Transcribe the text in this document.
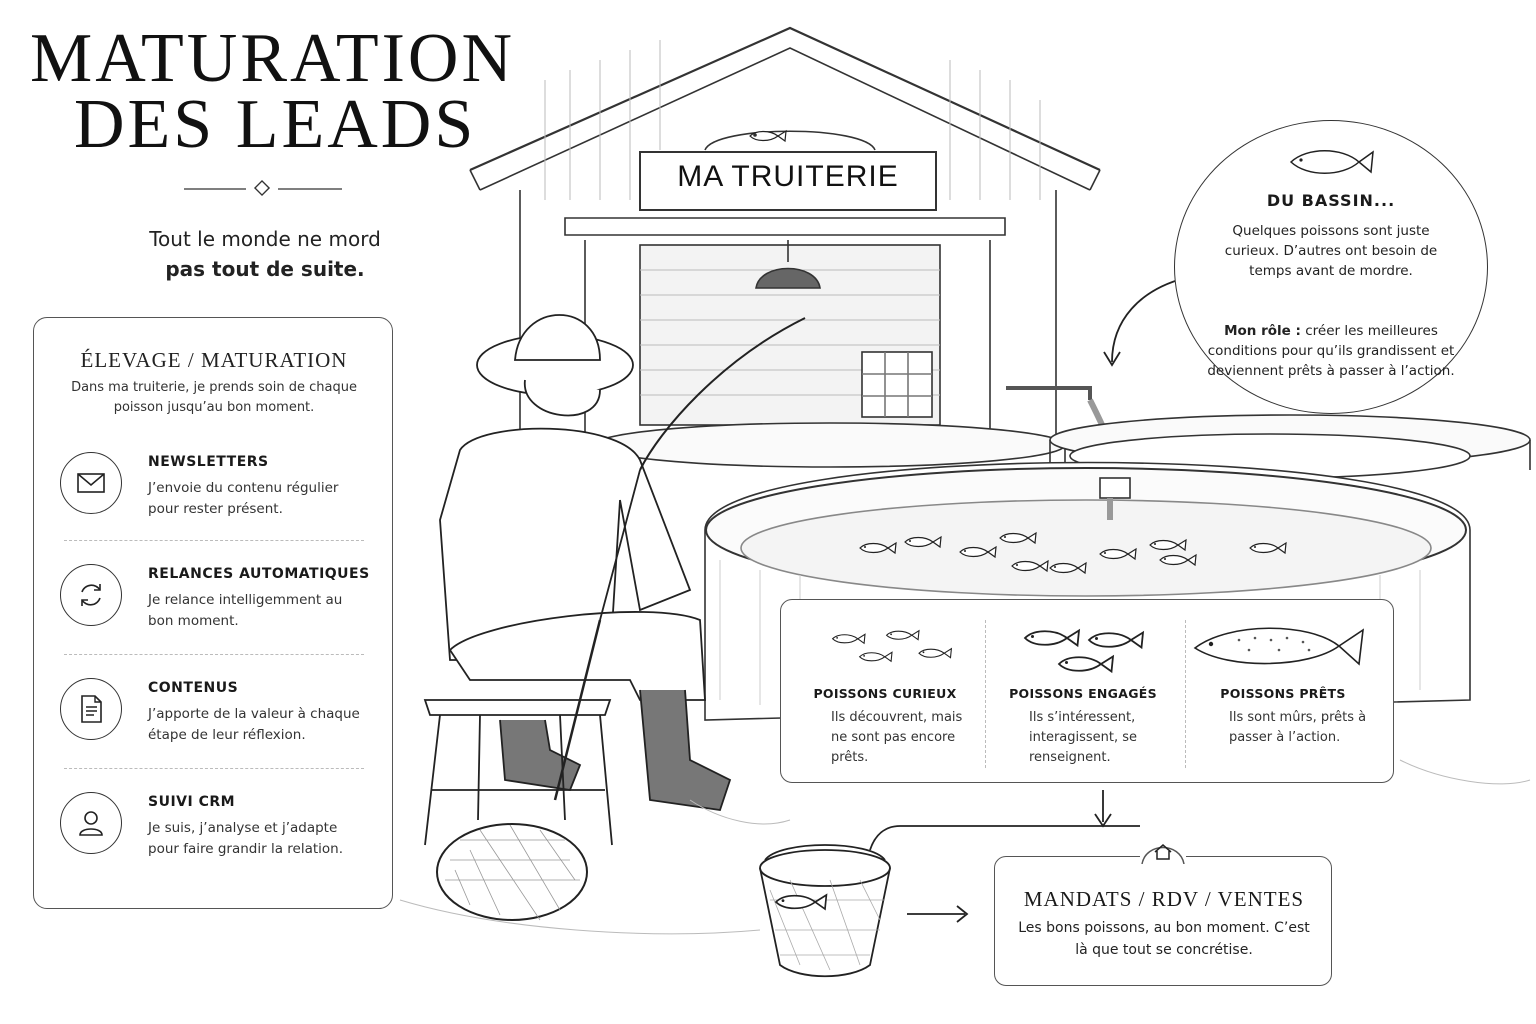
MA TRUITERIE
MATURATION
DES LEADS
Tout le monde ne mord
pas tout de suite.
ÉLEVAGE / MATURATION
Dans ma truiterie, je prends soin de chaque poisson jusqu’au bon moment.
NEWSLETTERS
J’envoie du contenu régulier pour rester présent.
RELANCES AUTOMATIQUES
Je relance intelligemment au bon moment.
CONTENUS
J’apporte de la valeur à chaque étape de leur réflexion.
SUIVI CRM
Je suis, j’analyse et j’adapte pour faire grandir la relation.
DU BASSIN...
Quelques poissons sont juste curieux. D’autres ont besoin de temps avant de mordre.
Mon rôle : créer les meilleures conditions pour qu’ils grandissent et deviennent prêts à passer à l’action.
POISSONS CURIEUX
Ils découvrent, mais ne sont pas encore prêts.
POISSONS ENGAGÉS
Ils s’intéressent, interagissent, se renseignent.
POISSONS PRÊTS
Ils sont mûrs, prêts à passer à l’action.
MANDATS / RDV / VENTES
Les bons poissons, au bon moment. C’est là que tout se concrétise.
